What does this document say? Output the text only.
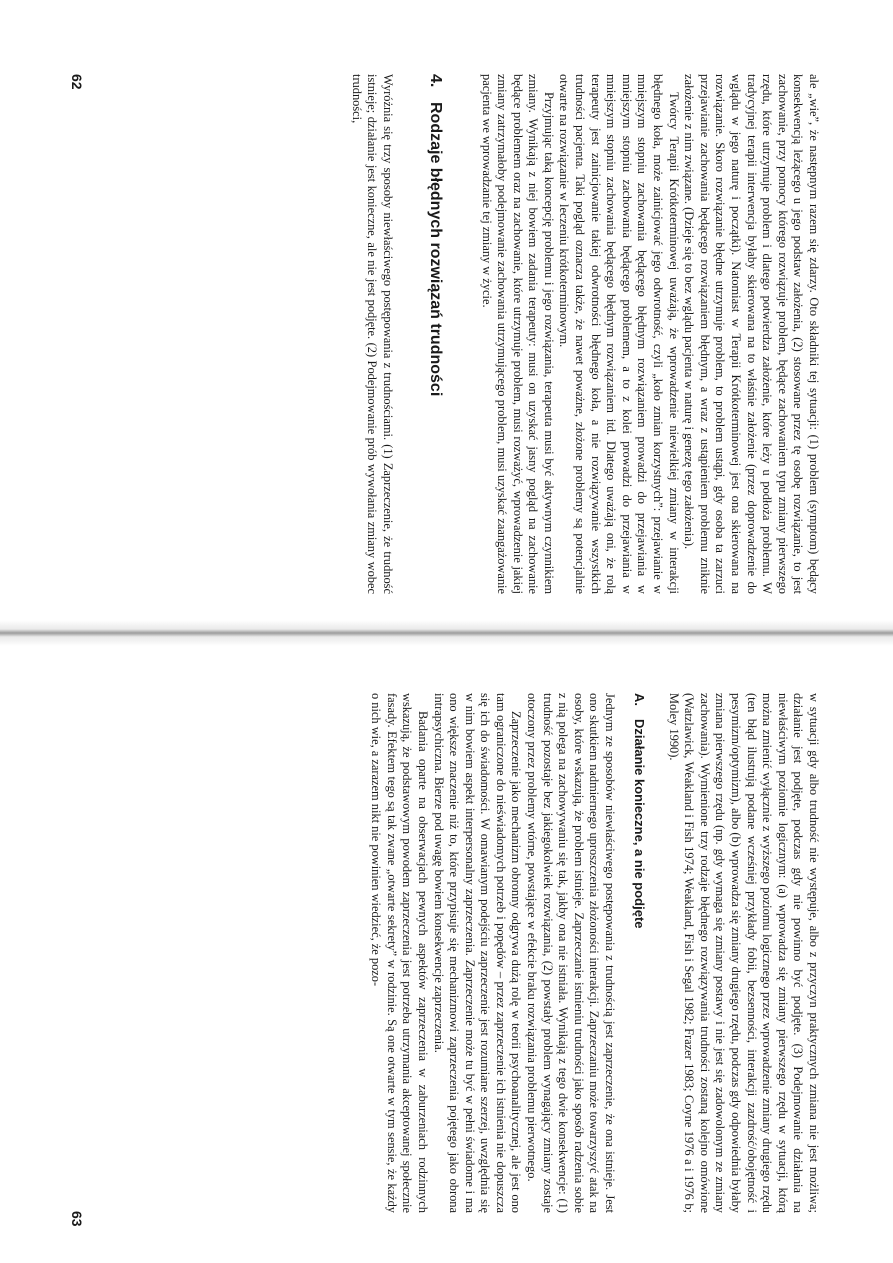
ale „wie”, że następnym razem się zdarzy. Oto składniki tej sytuacji: (1) problem (symptom) będący konsekwencją leżącego u jego podstaw założenia, (2) stosowane przez tę osobę rozwiązanie, to jest zachowanie, przy pomocy którego rozwiązuje problem, będące zachowaniem typu zmiany pierwszego rzędu, które utrzymuje problem i dlatego potwierdza założenie, które leży u podłoża problemu. W tradycyjnej terapii interwencja byłaby skierowana na to właśnie założenie (przez doprowadzenie do wglądu w jego naturę i początki). Natomiast w Terapii Krótkoterminowej jest ona skierowana na rozwiązanie. Skoro rozwiązanie błędne utrzymuje problem, to problem ustąpi, gdy osoba ta zarzuci przejawianie zachowania będącego rozwiązaniem błędnym, a wraz z ustąpieniem problemu zniknie założenie z nim związane. (Dzieje się to bez wglądu pacjenta w naturę i genezę tego założenia).

Twórcy Terapii Krótkoterminowej uważają, że wprowadzenie niewielkiej zmiany w interakcji błędnego koła, może zainicjować jego odwrotność, czyli „koło zmian korzystnych”: przejawianie w mniejszym stopniu zachowania będącego błędnym rozwiązaniem prowadzi do przejawiania w mniejszym stopniu zachowania będącego problemem, a to z kolei prowadzi do przejawiania w mniejszym stopniu zachowania będącego błędnym rozwiązaniem itd. Dlatego uważają oni, że rolą terapeuty jest zainicjowanie takiej odwrotności błędnego koła, a nie rozwiązywanie wszystkich trudności pacjenta. Taki pogląd oznacza także, że nawet poważne, złożone problemy są potencjalnie otwarte na rozwiązanie w leczeniu krótkoterminowym.

Przyjmując taką koncepcję problemu i jego rozwiązania, terapeuta musi być aktywnym czynnikiem zmiany. Wynikają z niej bowiem zadania terapeuty: musi on uzyskać jasny pogląd na zachowanie będące problemem oraz na zachowanie, które utrzymuje problem, musi rozważyć, wprowadzenie jakiej zmiany zatrzymałoby podejmowanie zachowania utrzymującego problem, musi uzyskać zaangażowanie pacjenta we wprowadzanie tej zmiany w życie.

4.Rodzaje błędnych rozwiązań trudności

Wyróżnia się trzy sposoby niewłaściwego postępowania z trudnościami. (1) Zaprzeczenie, że trudność istnieje; działanie jest konieczne, ale nie jest podjęte. (2) Podejmowanie prób wywołania zmiany wobec trudności,

62

w sytuacji gdy albo trudność nie występuje, albo z przyczyn praktycznych zmiana nie jest możliwa; działanie jest podjęte, podczas gdy nie powinno być podjęte. (3) Podejmowanie działania na niewłaściwym poziomie logicznym: (a) wprowadza się zmiany pierwszego rzędu w sytuacji, którą można zmienić wyłącznie z wyższego poziomu logicznego przez wprowadzenie zmiany drugiego rzędu (ten błąd ilustrują podane wcześniej przykłady fobii, bezsenności, interakcji zazdrość/obojętność i pesymizm/optymizm), albo (b) wprowadza się zmiany drugiego rzędu, podczas gdy odpowiednia byłaby zmiana pierwszego rzędu (np. gdy wymaga się zmiany postawy i nie jest się zadowolonym ze zmiany zachowania). Wymienione trzy rodzaje błędnego rozwiązywania trudności zostaną kolejno omówione (Watzlawick, Weakland i Fish 1974; Weakland, Fish i Segal 1982; Frazer 1983; Coyne 1976 a i 1976 b; Moley 1990).

A.Działanie konieczne, a nie podjęte

Jednym ze sposobów niewłaściwego postępowania z trudnością jest zaprzeczenie, że ona istnieje. Jest ono skutkiem nadmiernego uproszczenia złożoności interakcji. Zaprzeczaniu może towarzyszyć atak na osoby, które wskazują, że problem istnieje. Zaprzeczanie istnieniu trudności jako sposób radzenia sobie z nią polega na zachowywaniu się tak, jakby ona nie istniała. Wynikają z tego dwie konsekwencje: (1) trudność pozostaje bez jakiegokolwiek rozwiązania, (2) powstały problem wynagający zmiany zostaje otoczony przez problemy wtórne, powstające w efekcie braku rozwiązania problemu pierwotnego.

Zaprzeczenie jako mechanizm obronny odgrywa dużą rolę w teorii psychoanalitycznej, ale jest ono tam ograniczone do nieświadomych potrzeb i popędów – przez zaprzeczenie ich istnienia nie dopuszcza się ich do świadomości. W omawianym podejściu zaprzeczenie jest rozumiane szerzej, uwzględnia się w nim bowiem aspekt interpersonalny zaprzeczenia. Zaprzeczenie może tu być w pełni świadome i ma ono większe znaczenie niż to, które przypisuje się mechanizmowi zaprzeczenia pojętego jako obrona intrapsychiczna. Bierze pod uwagę bowiem konsekwencje zaprzeczenia.

Badania oparte na obserwacjach pewnych aspektów zaprzeczenia w zaburzeniach rodzinnych wskazują, że podstawowym powodem zaprzeczenia jest potrzeba utrzymania akceptowanej społecznie fasady. Efektem tego są tak zwane „otwarte sekrety” w rodzinie. Są one otwarte w tym sensie, że każdy o nich wie, a zarazem nikt nie powinien wiedzieć, że pozo-

63
